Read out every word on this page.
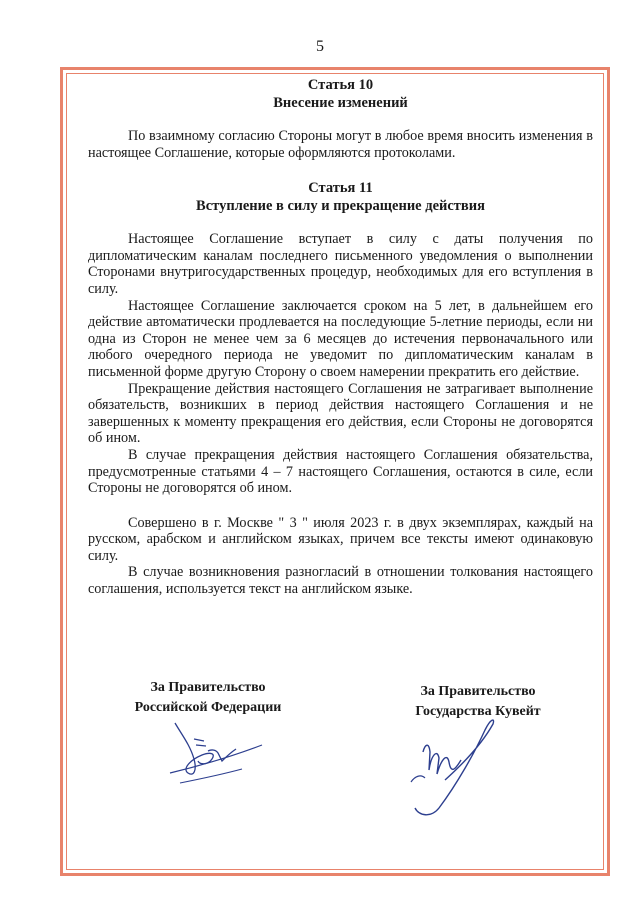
5
Статья 10
Внесение изменений

По взаимному согласию Стороны могут в любое время вносить изменения в настоящее Соглашение, которые оформляются протоколами.

Статья 11
Вступление в силу и прекращение действия

Настоящее Соглашение вступает в силу с даты получения по дипломатическим каналам последнего письменного уведомления о выполнении Сторонами внутригосударственных процедур, необходимых для его вступления в силу.

Настоящее Соглашение заключается сроком на 5 лет, в дальнейшем его действие автоматически продлевается на последующие 5-летние периоды, если ни одна из Сторон не менее чем за 6 месяцев до истечения первоначального или любого очередного периода не уведомит по дипломатическим каналам в письменной форме другую Сторону о своем намерении прекратить его действие.

Прекращение действия настоящего Соглашения не затрагивает выполнение обязательств, возникших в период действия настоящего Соглашения и не завершенных к моменту прекращения его действия, если Стороны не договорятся об ином.

В случае прекращения действия настоящего Соглашения обязательства, предусмотренные статьями 4 – 7 настоящего Соглашения, остаются в силе, если Стороны не договорятся об ином.

Совершено в г. Москве " 3 " июля 2023 г. в двух экземплярах, каждый на русском, арабском и английском языках, причем все тексты имеют одинаковую силу.

В случае возникновения разногласий в отношении толкования настоящего соглашения, используется текст на английском языке.

За Правительство
Российской Федерации
За Правительство
Государства Кувейт
